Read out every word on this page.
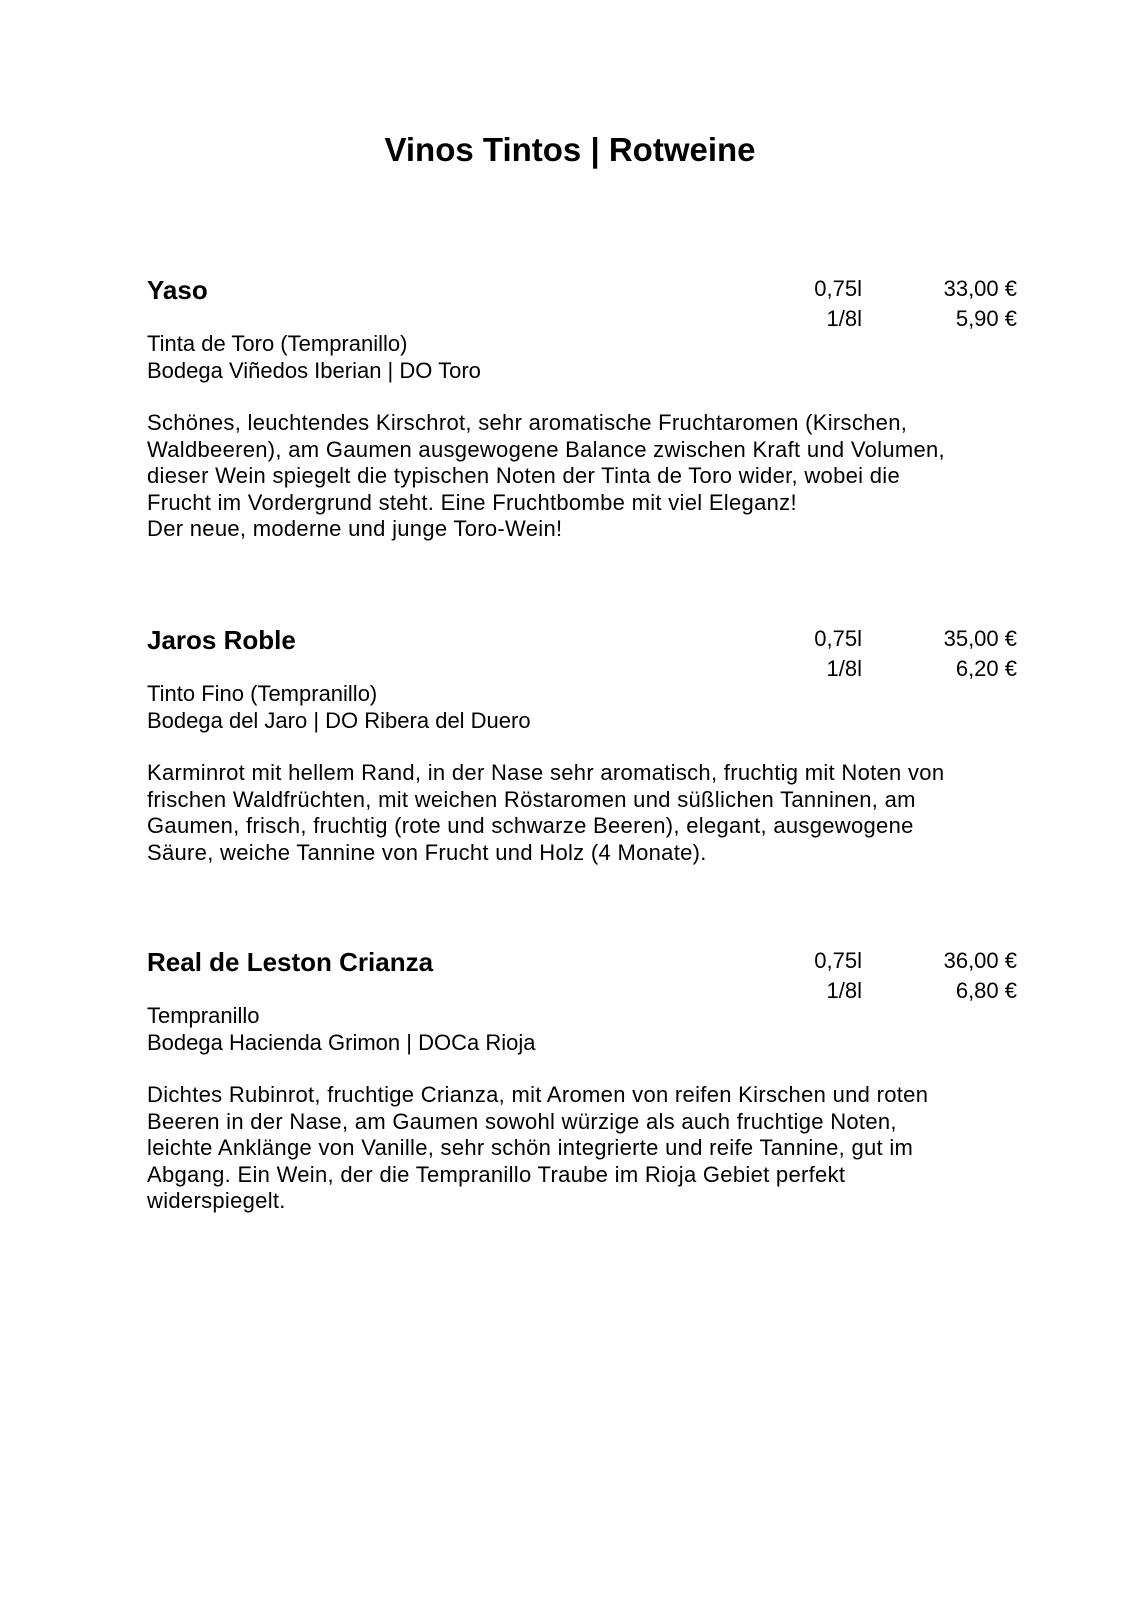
Vinos Tintos | Rotweine
Yaso	0,75l	33,00 €
1/8l	5,90 €
Tinta de Toro (Tempranillo)
Bodega Viñedos Iberian | DO Toro

Schönes, leuchtendes Kirschrot, sehr aromatische Fruchtaromen (Kirschen,
Waldbeeren), am Gaumen ausgewogene Balance zwischen Kraft und Volumen,
dieser Wein spiegelt die typischen Noten der Tinta de Toro wider, wobei die
Frucht im Vordergrund steht. Eine Fruchtbombe mit viel Eleganz!
Der neue, moderne und junge Toro-Wein!

Jaros Roble	0,75l	35,00 €
1/8l	6,20 €
Tinto Fino (Tempranillo)
Bodega del Jaro | DO Ribera del Duero

Karminrot mit hellem Rand, in der Nase sehr aromatisch, fruchtig mit Noten von
frischen Waldfrüchten, mit weichen Röstaromen und süßlichen Tanninen, am
Gaumen, frisch, fruchtig (rote und schwarze Beeren), elegant, ausgewogene
Säure, weiche Tannine von Frucht und Holz (4 Monate).

Real de Leston Crianza	0,75l	36,00 €
1/8l	6,80 €
Tempranillo
Bodega Hacienda Grimon | DOCa Rioja

Dichtes Rubinrot, fruchtige Crianza, mit Aromen von reifen Kirschen und roten
Beeren in der Nase, am Gaumen sowohl würzige als auch fruchtige Noten,
leichte Anklänge von Vanille, sehr schön integrierte und reife Tannine, gut im
Abgang. Ein Wein, der die Tempranillo Traube im Rioja Gebiet perfekt
widerspiegelt.
